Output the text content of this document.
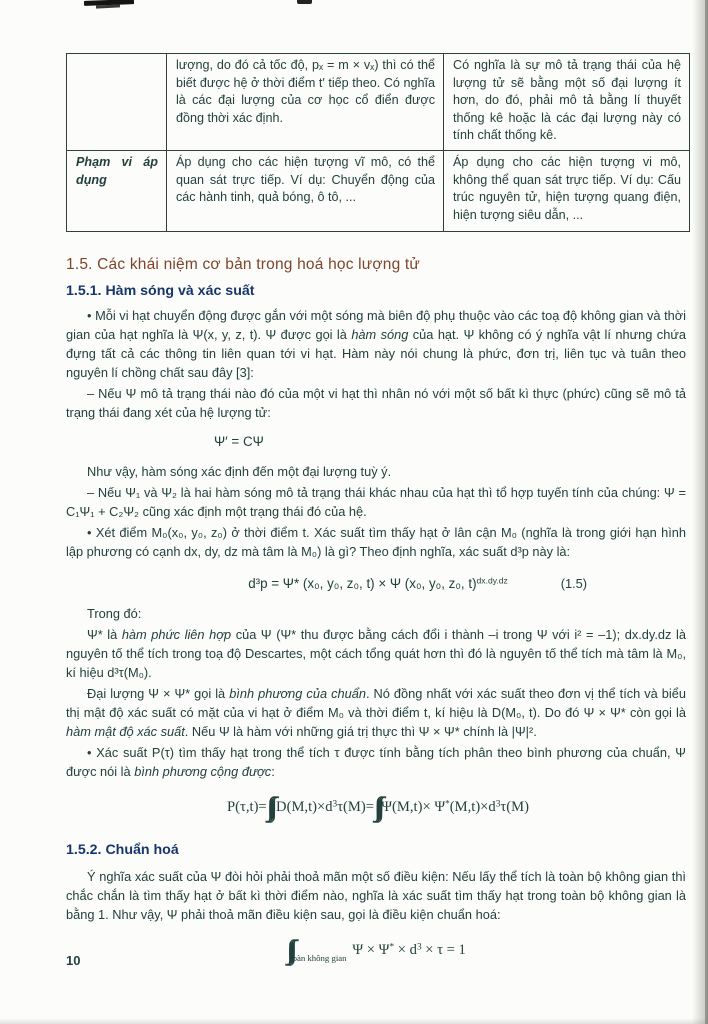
	lượng, do đó cả tốc độ, pₓ = m × vₓ) thì có thể biết được hệ ở thời điểm t′ tiếp theo. Có nghĩa là các đại lượng của cơ học cổ điển được đồng thời xác định.	Có nghĩa là sự mô tả trạng thái của hệ lượng tử sẽ bằng một số đại lượng ít hơn, do đó, phải mô tả bằng lí thuyết thống kê hoặc là các đại lượng này có tính chất thống kê.
Phạm vi áp dụng	Áp dụng cho các hiện tượng vĩ mô, có thể quan sát trực tiếp. Ví dụ: Chuyển động của các hành tinh, quả bóng, ô tô, ...	Áp dụng cho các hiện tượng vi mô, không thể quan sát trực tiếp. Ví dụ: Cấu trúc nguyên tử, hiện tượng quang điện, hiện tượng siêu dẫn, ...
1.5. Các khái niệm cơ bản trong hoá học lượng tử
1.5.1. Hàm sóng và xác suất

• Mỗi vi hạt chuyển động được gắn với một sóng mà biên độ phụ thuộc vào các toạ độ không gian và thời gian của hạt nghĩa là Ψ(x, y, z, t). Ψ được gọi là hàm sóng của hạt. Ψ không có ý nghĩa vật lí nhưng chứa đựng tất cả các thông tin liên quan tới vi hạt. Hàm này nói chung là phức, đơn trị, liên tục và tuân theo nguyên lí chồng chất sau đây [3]:

– Nếu Ψ mô tả trạng thái nào đó của một vi hạt thì nhân nó với một số bất kì thực (phức) cũng sẽ mô tả trạng thái đang xét của hệ lượng tử:

Ψ′ = CΨ

Như vậy, hàm sóng xác định đến một đại lượng tuỳ ý.

– Nếu Ψ₁ và Ψ₂ là hai hàm sóng mô tả trạng thái khác nhau của hạt thì tổ hợp tuyến tính của chúng: Ψ = C₁Ψ₁ + C₂Ψ₂ cũng xác định một trạng thái đó của hệ.

• Xét điểm M₀(x₀, y₀, z₀) ở thời điểm t. Xác suất tìm thấy hạt ở lân cận M₀ (nghĩa là trong giới hạn hình lập phương có cạnh dx, dy, dz mà tâm là M₀) là gì? Theo định nghĩa, xác suất d³p này là:

d³p = Ψ* (x₀, y₀, z₀, t) × Ψ (x₀, y₀, z₀, t)$^{dx.dy.dz}$	(1.5)

Trong đó:

Ψ* là hàm phức liên hợp của Ψ (Ψ* thu được bằng cách đổi i thành –i trong Ψ với i² = –1); dx.dy.dz là nguyên tố thể tích trong toạ độ Descartes, một cách tổng quát hơn thì đó là nguyên tố thể tích mà tâm là M₀, kí hiệu d³τ(M₀).

Đại lượng Ψ × Ψ* gọi là bình phương của chuẩn. Nó đồng nhất với xác suất theo đơn vị thể tích và biểu thị mật độ xác suất có mặt của vi hạt ở điểm M₀ và thời điểm t, kí hiệu là D(M₀, t). Do đó Ψ × Ψ* còn gọi là hàm mật độ xác suất. Nếu Ψ là hàm với những giá trị thực thì Ψ × Ψ* chính là |Ψ|².

• Xác suất P(τ) tìm thấy hạt trong thể tích τ được tính bằng tích phân theo bình phương của chuẩn, Ψ được nói là bình phương cộng được:

P(τ,t)= $_\tau$ $D(M,t)\times d^3\tau(M)= \Psi(M,t)\times \Psi^*(M,t)\times d^3\tau(M)$
1.5.2. Chuẩn hoá

Ý nghĩa xác suất của Ψ đòi hỏi phải thoả mãn một số điều kiện: Nếu lấy thể tích là toàn bộ không gian thì chắc chắn là tìm thấy hạt ở bất kì thời điểm nào, nghĩa là xác suất tìm thấy hạt trong toàn bộ không gian là bằng 1. Như vậy, Ψ phải thoả mãn điều kiện sau, gọi là điều kiện chuẩn hoá:

$_{toàn không gian}$ $\Psi \times \Psi^* \times d^3 \times \tau = 1$
10
